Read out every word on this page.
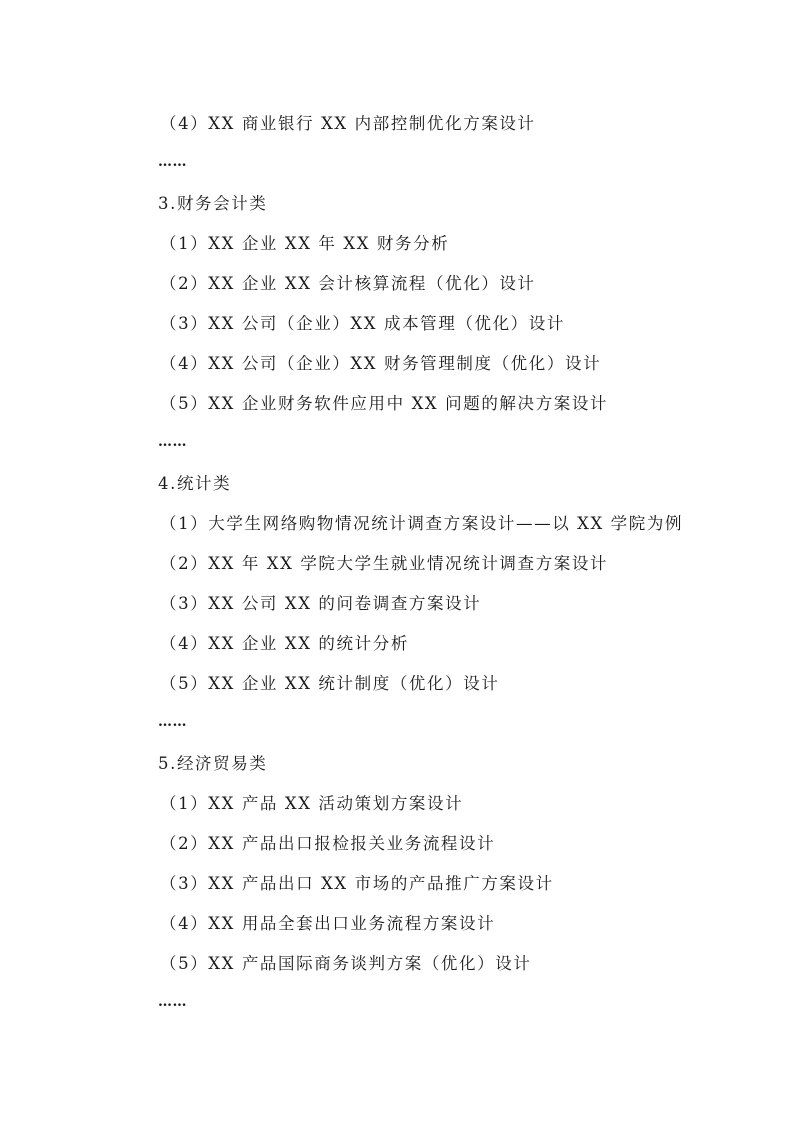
（4）XX 商业银行 XX 内部控制优化方案设计
……
3.财务会计类
（1）XX 企业 XX 年 XX 财务分析
（2）XX 企业 XX 会计核算流程（优化）设计
（3）XX 公司（企业）XX 成本管理（优化）设计
（4）XX 公司（企业）XX 财务管理制度（优化）设计
（5）XX 企业财务软件应用中 XX 问题的解决方案设计
……
4.统计类
（1）大学生网络购物情况统计调查方案设计——以 XX 学院为例
（2）XX 年 XX 学院大学生就业情况统计调查方案设计
（3）XX 公司 XX 的问卷调查方案设计
（4）XX 企业 XX 的统计分析
（5）XX 企业 XX 统计制度（优化）设计
……
5.经济贸易类
（1）XX 产品 XX 活动策划方案设计
（2）XX 产品出口报检报关业务流程设计
（3）XX 产品出口 XX 市场的产品推广方案设计
（4）XX 用品全套出口业务流程方案设计
（5）XX 产品国际商务谈判方案（优化）设计
……
